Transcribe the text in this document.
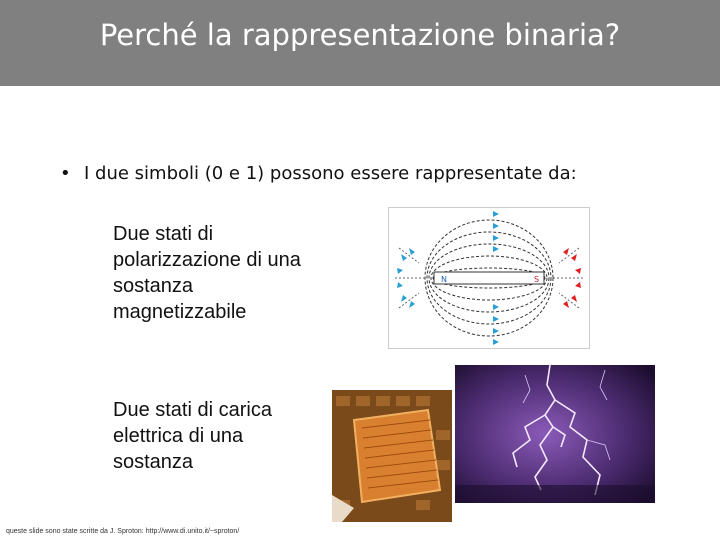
Perché la rappresentazione binaria?
• I due simboli (0 e 1) possono essere rappresentate da:
Due stati di
polarizzazione di una
sostanza
magnetizzabile
Due stati di carica
elettrica di una
sostanza
N	S
queste slide sono state scritte da J. Sproton: http://www.di.unito.it/~sproton/
